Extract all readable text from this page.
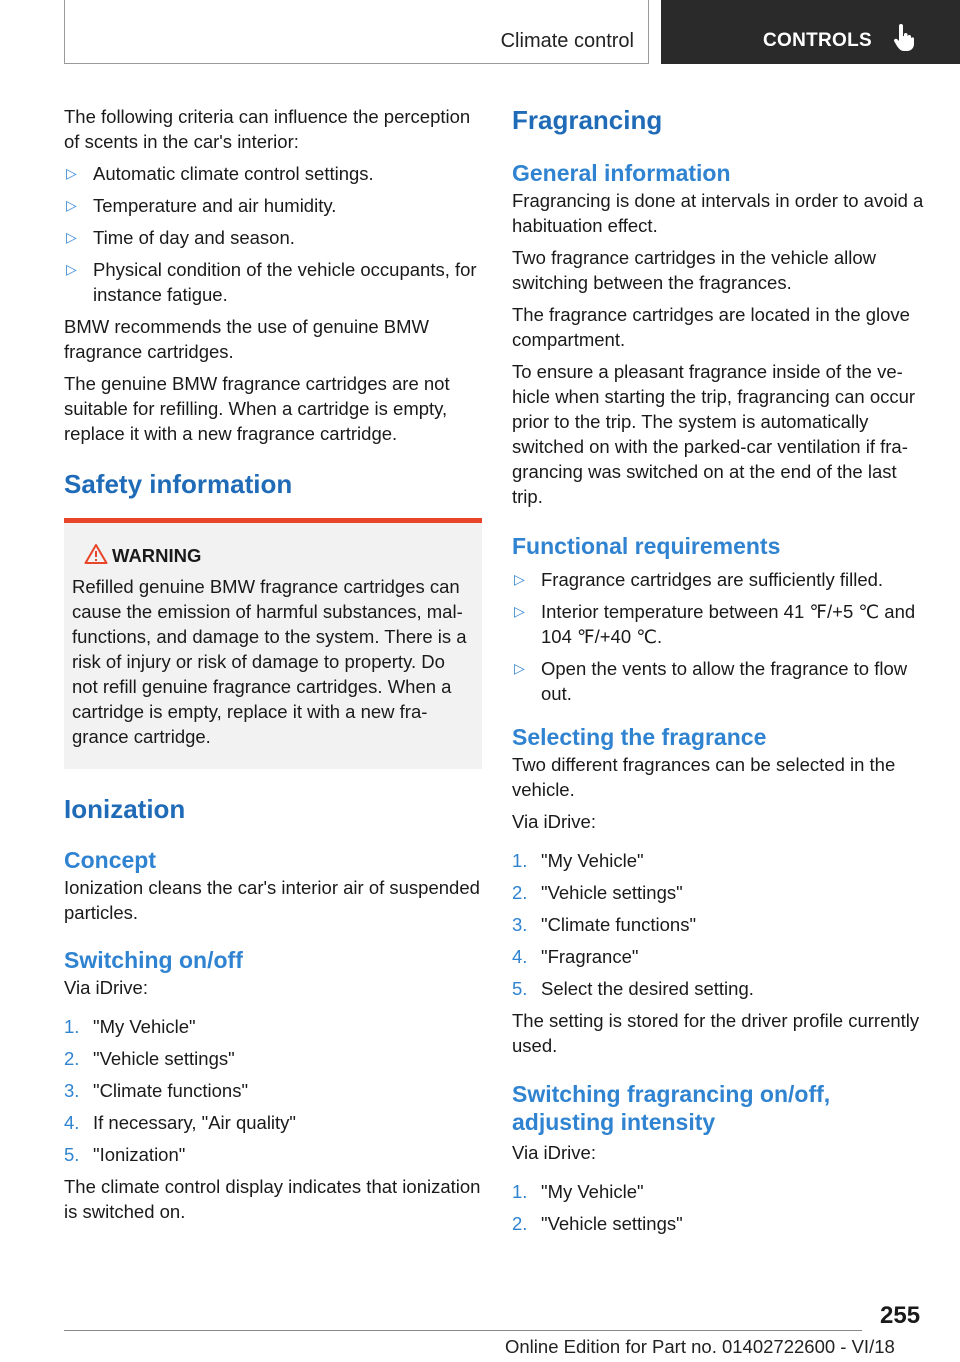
Climate control	CONTROLS

The following criteria can influence the perception of scents in the car's interior:

▷ Automatic climate control settings.
▷ Temperature and air humidity.
▷ Time of day and season.
▷ Physical condition of the vehicle occupants, for instance fatigue.

BMW recommends the use of genuine BMW fragrance cartridges.

The genuine BMW fragrance cartridges are not suitable for refilling. When a cartridge is empty, replace it with a new fragrance cartridge.

Safety information
WARNING
Refilled genuine BMW fragrance cartridges can cause the emission of harmful substances, malfunctions, and damage to the system. There is a risk of injury or risk of damage to property. Do not refill genuine fragrance cartridges. When a cartridge is empty, replace it with a new fragrance cartridge.
Ionization
Concept

Ionization cleans the car's interior air of suspended particles.

Switching on/off

Via iDrive:

1. "My Vehicle"
2. "Vehicle settings"
3. "Climate functions"
4. If necessary, "Air quality"
5. "Ionization"

The climate control display indicates that ionization is switched on.

Fragrancing
General information

Fragrancing is done at intervals in order to avoid a habituation effect.

Two fragrance cartridges in the vehicle allow switching between the fragrances.

The fragrance cartridges are located in the glove compartment.

To ensure a pleasant fragrance inside of the vehicle when starting the trip, fragrancing can occur prior to the trip. The system is automatically switched on with the parked-car ventilation if fragrancing was switched on at the end of the last trip.

Functional requirements
▷ Fragrance cartridges are sufficiently filled.
▷ Interior temperature between 41 ℉/+5 ℃ and 104 ℉/+40 ℃.
▷ Open the vents to allow the fragrance to flow out.
Selecting the fragrance

Two different fragrances can be selected in the vehicle.

Via iDrive:

1. "My Vehicle"
2. "Vehicle settings"
3. "Climate functions"
4. "Fragrance"
5. Select the desired setting.

The setting is stored for the driver profile currently used.

Switching fragrancing on/off, adjusting intensity

Via iDrive:

1. "My Vehicle"
2. "Vehicle settings"
255
Online Edition for Part no. 01402722600 - VI/18
